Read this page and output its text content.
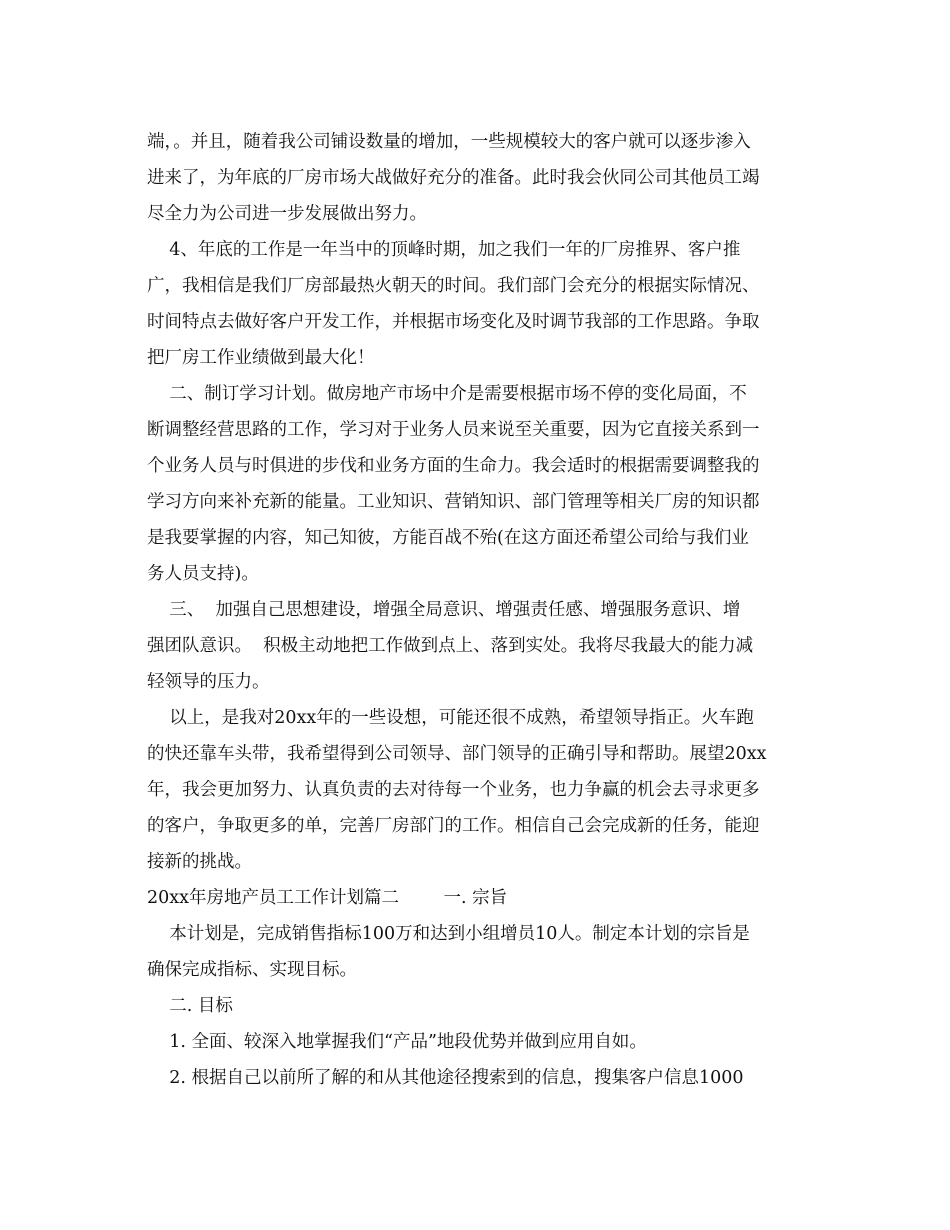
端，。并且，随着我公司铺设数量的增加，一些规模较大的客户就可以逐步渗入
进来了，为年底的厂房市场大战做好充分的准备。此时我会伙同公司其他员工竭
尽全力为公司进一步发展做出努力。
4、年底的工作是一年当中的顶峰时期，加之我们一年的厂房推界、客户推
广，我相信是我们厂房部最热火朝天的时间。我们部门会充分的根据实际情况、
时间特点去做好客户开发工作，并根据市场变化及时调节我部的工作思路。争取
把厂房工作业绩做到最大化！
二、制订学习计划。做房地产市场中介是需要根据市场不停的变化局面，不
断调整经营思路的工作，学习对于业务人员来说至关重要，因为它直接关系到一
个业务人员与时俱进的步伐和业务方面的生命力。我会适时的根据需要调整我的
学习方向来补充新的能量。工业知识、营销知识、部门管理等相关厂房的知识都
是我要掌握的内容，知己知彼，方能百战不殆(在这方面还希望公司给与我们业
务人员支持)。
三、  加强自己思想建设，增强全局意识、增强责任感、增强服务意识、增
强团队意识。  积极主动地把工作做到点上、落到实处。我将尽我最大的能力减
轻领导的压力。
以上，是我对20xx年的一些设想，可能还很不成熟，希望领导指正。火车跑
的快还靠车头带，我希望得到公司领导、部门领导的正确引导和帮助。展望20xx
年，我会更加努力、认真负责的去对待每一个业务，也力争赢的机会去寻求更多
的客户，争取更多的单，完善厂房部门的工作。相信自己会完成新的任务，能迎
接新的挑战。
20xx年房地产员工工作计划篇二        一. 宗旨
本计划是，完成销售指标100万和达到小组增员10人。制定本计划的宗旨是
确保完成指标、实现目标。
二. 目标
1. 全面、较深入地掌握我们“产品”地段优势并做到应用自如。
2. 根据自己以前所了解的和从其他途径搜索到的信息，搜集客户信息1000
